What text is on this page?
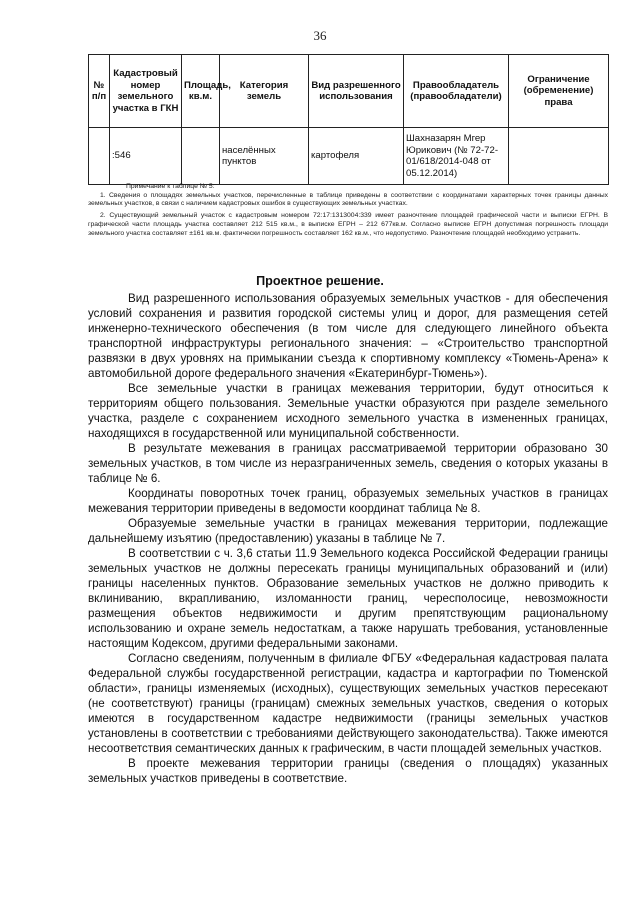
36
№ п/п	Кадастровый номер земельного участка в ГКН	Площадь, кв.м.	Категория земель	Вид разрешенного использования	Правообладатель (правообладатели)	Ограничение (обременение) права
	:546		населённых пунктов	картофеля	Шахназарян Мгер Юрикович (№ 72-72-01/618/2014-048 от 05.12.2014)	

Примечание к таблице № 5:

1. Сведения о площадях земельных участков, перечисленные в таблице приведены в соответствии с координатами характерных точек границы данных земельных участков, в связи с наличием кадастровых ошибок в существующих земельных участках.

2. Существующий земельный участок с кадастровым номером 72:17:1313004:339 имеет разночтение площадей графической части и выписки ЕГРН. В графической части площадь участка составляет 212 515 кв.м., в выписке ЕГРН – 212 677кв.м. Согласно выписке ЕГРН допустимая погрешность площади земельного участка составляет ±161 кв.м. фактически погрешность составляет 162 кв.м., что недопустимо. Разночтение площадей необходимо устранить.

Проектное решение.

Вид разрешенного использования образуемых земельных участков - для обеспечения условий сохранения и развития городской системы улиц и дорог, для размещения сетей инженерно-технического обеспечения (в том числе для следующего линейного объекта транспортной инфраструктуры регионального значения: – «Строительство транспортной развязки в двух уровнях на примыкании съезда к спортивному комплексу «Тюмень-Арена» к автомобильной дороге федерального значения «Екатеринбург-Тюмень»).

Все земельные участки в границах межевания территории, будут относиться к территориям общего пользования. Земельные участки образуются при разделе земельного участка, разделе с сохранением исходного земельного участка в измененных границах, находящихся в государственной или муниципальной собственности.

В результате межевания в границах рассматриваемой территории образовано 30 земельных участков, в том числе из неразграниченных земель, сведения о которых указаны в таблице № 6.

Координаты поворотных точек границ, образуемых земельных участков в границах межевания территории приведены в ведомости координат таблица № 8.

Образуемые земельные участки в границах межевания территории, подлежащие дальнейшему изъятию (предоставлению) указаны в таблице № 7.

В соответствии с ч. 3,6 статьи 11.9 Земельного кодекса Российской Федерации границы земельных участков не должны пересекать границы муниципальных образований и (или) границы населенных пунктов. Образование земельных участков не должно приводить к вклиниванию, вкрапливанию, изломанности границ, чересполосице, невозможности размещения объектов недвижимости и другим препятствующим рациональному использованию и охране земель недостаткам, а также нарушать требования, установленные настоящим Кодексом, другими федеральными законами.

Согласно сведениям, полученным в филиале ФГБУ «Федеральная кадастровая палата Федеральной службы государственной регистрации, кадастра и картографии по Тюменской области», границы изменяемых (исходных), существующих земельных участков пересекают (не соответствуют) границы (границам) смежных земельных участков, сведения о которых имеются в государственном кадастре недвижимости (границы земельных участков установлены в соответствии с требованиями действующего законодательства). Также имеются несоответствия семантических данных к графическим, в части площадей земельных участков.

В проекте межевания территории границы (сведения о площадях) указанных земельных участков приведены в соответствие.
